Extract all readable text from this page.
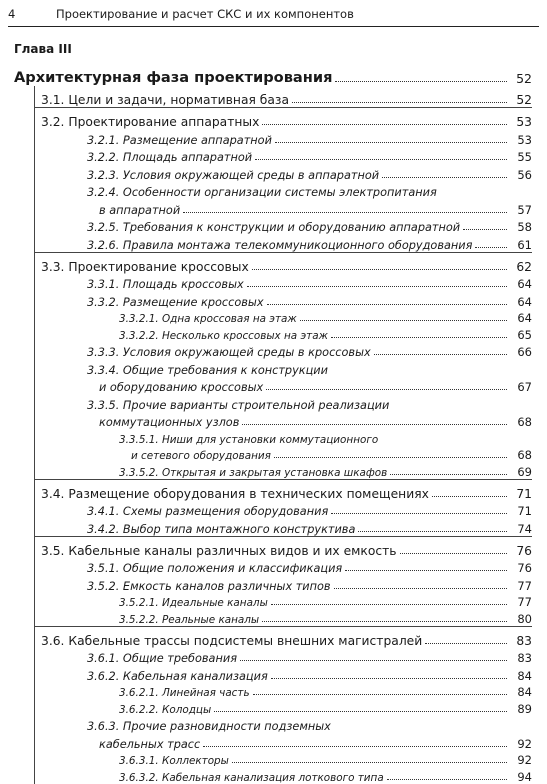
4	Проектирование и расчет СКС и их компонентов
Глава III
Архитектурная фаза проектирования	52
3.1. Цели и задачи, нормативная база	52
3.2. Проектирование аппаратных	53
3.2.1. Размещение аппаратной	53
3.2.2. Площадь аппаратной	55
3.2.3. Условия окружающей среды в аппаратной	56
3.2.4. Особенности организации системы электропитания
в аппаратной	57
3.2.5. Требования к конструкции и оборудованию аппаратной	58
3.2.6. Правила монтажа телекоммуникоционного оборудования	61
3.3. Проектирование кроссовых	62
3.3.1. Площадь кроссовых	64
3.3.2. Размещение кроссовых	64
3.3.2.1. Одна кроссовая на этаж	64
3.3.2.2. Несколько кроссовых на этаж	65
3.3.3. Условия окружающей среды в кроссовых	66
3.3.4. Общие требования к конструкции
и оборудованию кроссовых	67
3.3.5. Прочие варианты строительной реализации
коммутационных узлов	68
3.3.5.1. Ниши для установки коммутационного
и сетевого оборудования	68
3.3.5.2. Открытая и закрытая установка шкафов	69
3.4. Размещение оборудования в технических помещениях	71
3.4.1. Схемы размещения оборудования	71
3.4.2. Выбор типа монтажного конструктива	74
3.5. Кабельные каналы различных видов и их емкость	76
3.5.1. Общие положения и классификация	76
3.5.2. Емкость каналов различных типов	77
3.5.2.1. Идеальные каналы	77
3.5.2.2. Реальные каналы	80
3.6. Кабельные трассы подсистемы внешних магистралей	83
3.6.1. Общие требования	83
3.6.2. Кабельная канализация	84
3.6.2.1. Линейная часть	84
3.6.2.2. Колодцы	89
3.6.3. Прочие разновидности подземных
кабельных трасс	92
3.6.3.1. Коллекторы	92
3.6.3.2. Кабельная канализация лоткового типа	94
